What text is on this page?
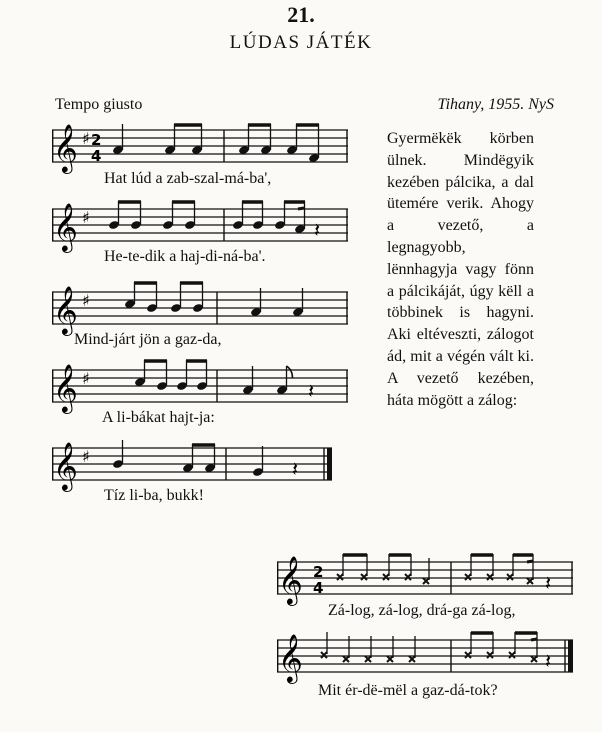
21.
LÚDAS JÁTÉK
Tempo giusto	Tihany, 1955. NyS
Gyermëkëk körben ülnek. Mindëgyik kezében pálcika, a dal ütemére verik. Ahogy a vezető, a legnagyobb, lënnhagyja vagy fönn a pálcikáját, úgy këll a többinek is hagyni. Aki eltéveszti, zálogot ád, mit a végén vált ki. A vezető kezében, háta mögött a zálog:
𝄞 ♯ 2
4
Hat lúd a zab-szal-má-ba',
𝄞 ♯
𝄽
He-te-dik a haj-di-ná-ba'.
𝄞 ♯
Mind-járt jön a gaz-da,
𝄞 ♯
𝄽
A li-bákat hajt-ja:
𝄞 ♯
𝄽
Tíz li-ba, bukk!
𝄞 2
4	𝄽
Zá-log, zá-log, drá-ga zá-log,
𝄞	𝄽
Mit ér-dë-mël a gaz-dá-tok?
